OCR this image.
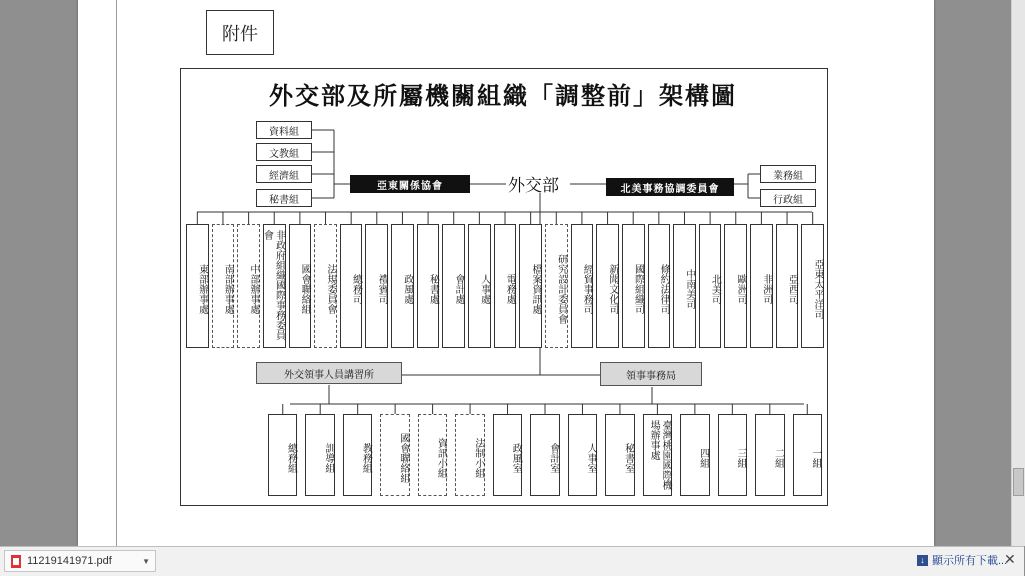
附件
外交部及所屬機關組織「調整前」架構圖
資料組
文教組
經濟組
秘書組
亞東關係協會	外交部	北美事務協調委員會
業務組
行政組
東部辦事處	南部辦事處	中部辦事處	非政府組織國際事務委員會
國會聯絡組	法規委員會	總務司	禮賓司	政風處	秘書處	會計處	人事處	電務處	檔案資訊處	研究設計委員會	經貿事務司	新聞文化司	國際組織司	條約法律司	中南美司	北美司	歐洲司	非洲司	亞西司	亞東太平洋司
外交領事人員講習所	領事事務局
總務組	訓導組	教務組	國會聯絡組	資訊小組	法制小組	政風室	會計室	人事室	秘書室	臺灣桃園國際機場辦事處	四組	三組	二組	一組
11219141971.pdf	▼	↓ 顯示所有下載...
✕
